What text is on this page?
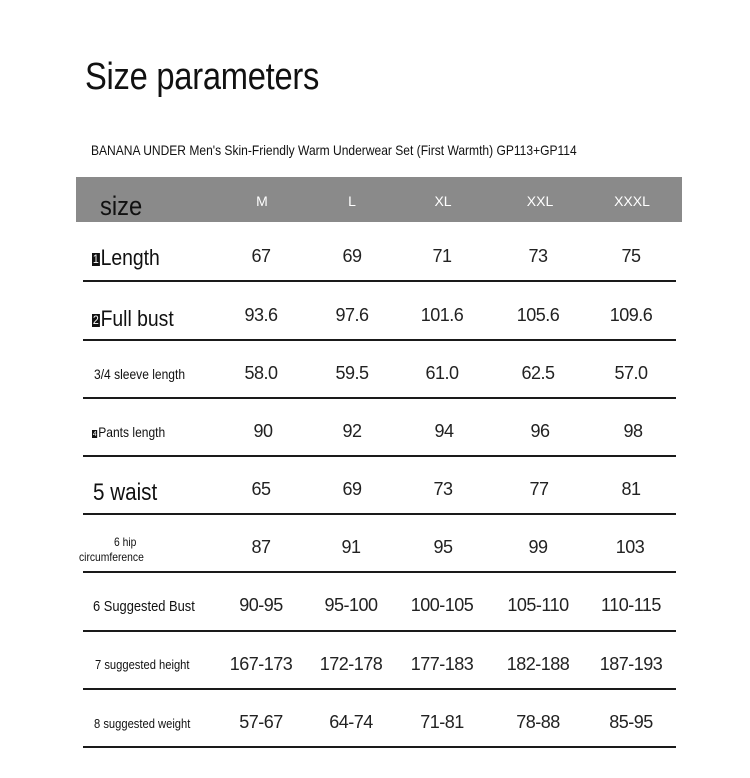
Size parameters
BANANA UNDER Men's Skin-Friendly Warm Underwear Set (First Warmth) GP113+GP114
size	M	L	XL	XXL	XXXL
1Length	67	69	71	73	75
2Full bust	93.6	97.6	101.6	105.6	109.6
3/4 sleeve length	58.0	59.5	61.0	62.5	57.0
4 Pants length	90	92	94	96	98
5 waist	65	69	73	77	81
6 hip
circumference	87	91	95	99	103
6 Suggested Bust 90-95 95-100 100-105 105-110 110-115
7 suggested height 167-173 172-178 177-183 182-188 187-193
8 suggested weight	57-67	64-74	71-81	78-88	85-95
